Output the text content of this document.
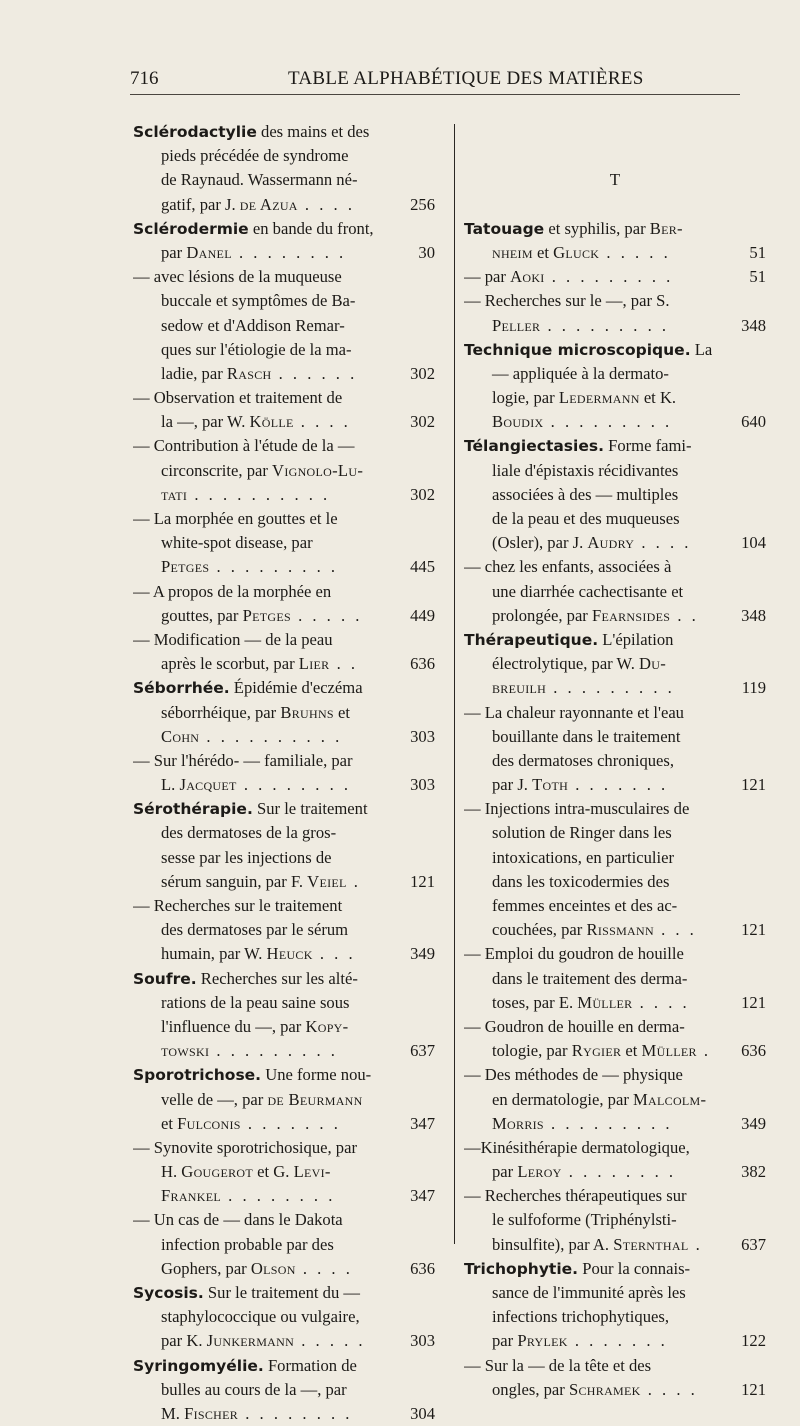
716	TABLE ALPHABÉTIQUE DES MATIÈRES
Sclérodactylie des mains et des
pieds précédée de syndrome
de Raynaud. Wassermann né-
gatif, par J. de Azua . . . .	256
Sclérodermie en bande du front,
par Danel . . . . . . . .	30
— avec lésions de la muqueuse
buccale et symptômes de Ba-
sedow et d'Addison Remar-
ques sur l'étiologie de la ma-
ladie, par Rasch . . . . . .	302
— Observation et traitement de
la —, par W. Kölle . . . .	302
— Contribution à l'étude de la —
circonscrite, par Vignolo-Lu-
tati . . . . . . . . . .	302
— La morphée en gouttes et le
white-spot disease, par
Petges . . . . . . . . .	445
— A propos de la morphée en
gouttes, par Petges . . . . .	449
— Modification — de la peau
après le scorbut, par Lier . .	636
Séborrhée. Épidémie d'eczéma
séborrhéique, par Bruhns et
Cohn . . . . . . . . . .	303
— Sur l'hérédo- — familiale, par
L. Jacquet . . . . . . . .	303
Sérothérapie. Sur le traitement
des dermatoses de la gros-
sesse par les injections de
sérum sanguin, par F. Veiel .	121
— Recherches sur le traitement
des dermatoses par le sérum
humain, par W. Heuck . . .	349
Soufre. Recherches sur les alté-
rations de la peau saine sous
l'influence du —, par Kopy-
towski . . . . . . . . .	637
Sporotrichose. Une forme nou-
velle de —, par de Beurmann
et Fulconis . . . . . . .	347
— Synovite sporotrichosique, par
H. Gougerot et G. Levi-
Frankel . . . . . . . .	347
— Un cas de — dans le Dakota
infection probable par des
Gophers, par Olson . . . .	636
Sycosis. Sur le traitement du —
staphylococcique ou vulgaire,
par K. Junkermann . . . . .	303
Syringomyélie. Formation de
bulles au cours de la —, par
M. Fischer . . . . . . . .	304
T
Tatouage et syphilis, par Ber-
nheim et Gluck . . . . .	51
— par Aoki . . . . . . . . .	51
— Recherches sur le —, par S.
Peller . . . . . . . . .	348
Technique microscopique. La
— appliquée à la dermato-
logie, par Ledermann et K.
Boudix . . . . . . . . .	640
Télangiectasies. Forme fami-
liale d'épistaxis récidivantes
associées à des — multiples
de la peau et des muqueuses
(Osler), par J. Audry . . . .	104
— chez les enfants, associées à
une diarrhée cachectisante et
prolongée, par Fearnsides . .	348
Thérapeutique. L'épilation
électrolytique, par W. Du-
breuilh . . . . . . . . .	119
— La chaleur rayonnante et l'eau
bouillante dans le traitement
des dermatoses chroniques,
par J. Toth . . . . . . .	121
— Injections intra-musculaires de
solution de Ringer dans les
intoxications, en particulier
dans les toxicodermies des
femmes enceintes et des ac-
couchées, par Rissmann . . .	121
— Emploi du goudron de houille
dans le traitement des derma-
toses, par E. Müller . . . .	121
— Goudron de houille en derma-
tologie, par Rygier et Müller . 636
— Des méthodes de — physique
en dermatologie, par Malcolm-
Morris . . . . . . . . .	349
—Kinésithérapie dermatologique,
par Leroy . . . . . . . .	382
— Recherches thérapeutiques sur
le sulfoforme (Triphénylsti-
binsulfite), par A. Sternthal . 637
Trichophytie. Pour la connais-
sance de l'immunité après les
infections trichophytiques,
par Prylek . . . . . . .	122
— Sur la — de la tête et des
ongles, par Schramek . . . .	121
